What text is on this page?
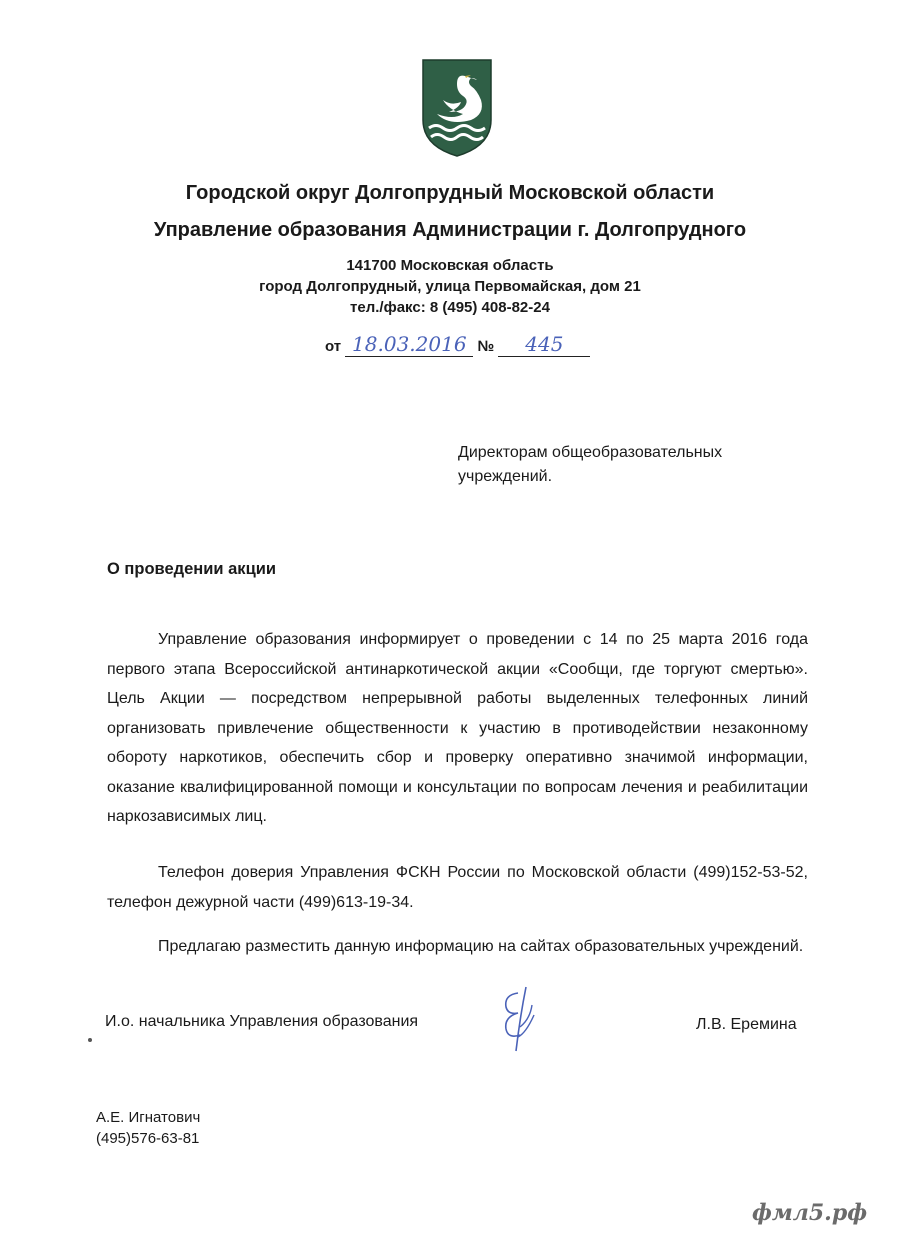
Городской округ Долгопрудный Московской области

Управление образования Администрации г. Долгопрудного

141700 Московская область
город Долгопрудный, улица Первомайская, дом 21
тел./факс: 8 (495) 408-82-24
от 18.03.2016 № 445
Директорам общеобразовательных
учреждений.

О проведении акции

Управление образования информирует о проведении с 14 по 25 марта 2016 года первого этапа Всероссийской антинаркотической акции «Сообщи, где торгуют смертью». Цель Акции — посредством непрерывной работы выделенных телефонных линий организовать привлечение общественности к участию в противодействии незаконному обороту наркотиков, обеспечить сбор и проверку оперативно значимой информации, оказание квалифицированной помощи и консультации по вопросам лечения и реабилитации наркозависимых лиц.

Телефон доверия Управления ФСКН России по Московской области (499)152-53-52, телефон дежурной части (499)613-19-34.

Предлагаю разместить данную информацию на сайтах образовательных учреждений.

И.о. начальника Управления образования	Л.В. Еремина
А.Е. Игнатович
(495)576-63-81
фмл5.рф
